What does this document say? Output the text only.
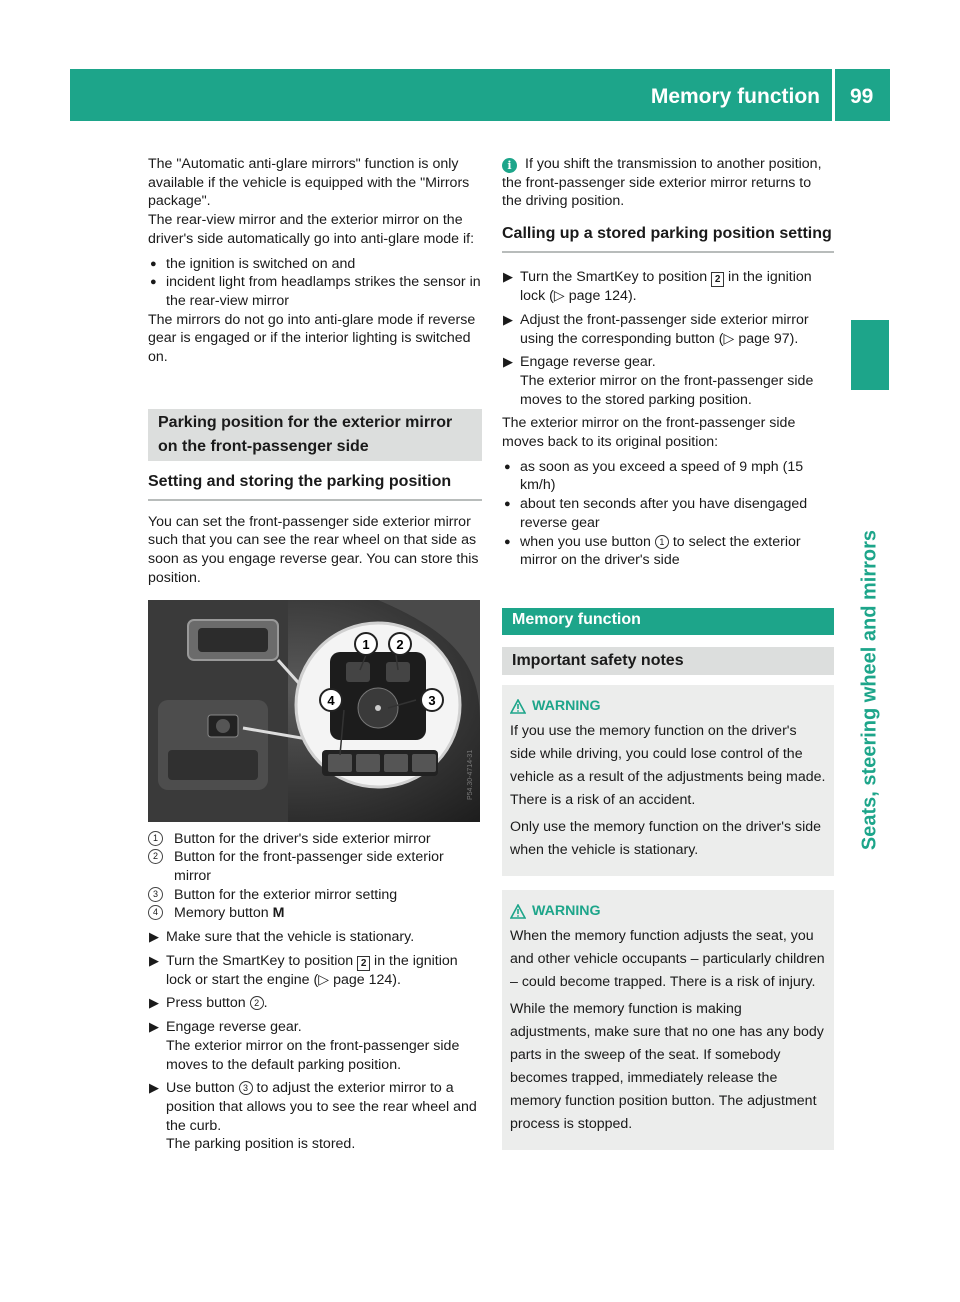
Memory function 99
Seats, steering wheel and mirrors

The "Automatic anti-glare mirrors" function is only available if the vehicle is equipped with the "Mirrors package".

The rear-view mirror and the exterior mirror on the driver's side automatically go into anti-glare mode if:

● the ignition is switched on and
● incident light from headlamps strikes the sensor in the rear-view mirror

The mirrors do not go into anti-glare mode if reverse gear is engaged or if the interior lighting is switched on.

Parking position for the exterior mirror on the front-passenger side
Setting and storing the parking position

You can set the front-passenger side exterior mirror such that you can see the rear wheel on that side as soon as you engage reverse gear. You can store this position.

1 2
3
4
P54.30-4714-31
1	Button for the driver's side exterior mirror
2	Button for the front-passenger side exterior mirror
3	Button for the exterior mirror setting
4	Memory button M
▶ Make sure that the vehicle is stationary.
▶ Turn the SmartKey to position 2 in the ignition lock or start the engine (▷ page 124).
▶ Press button 2 .
▶ Engage reverse gear.
The exterior mirror on the front-passenger side moves to the default parking position.
▶ Use button 3 to adjust the exterior mirror to a position that allows you to see the rear wheel and the curb.
The parking position is stored.

i If you shift the transmission to another position, the front-passenger side exterior mirror returns to the driving position.

Calling up a stored parking position setting
▶ Turn the SmartKey to position 2 in the ignition lock (▷ page 124).
▶ Adjust the front-passenger side exterior mirror using the corresponding button (▷ page 97).
▶ Engage reverse gear.
The exterior mirror on the front-passenger side moves to the stored parking position.

The exterior mirror on the front-passenger side moves back to its original position:

● as soon as you exceed a speed of 9 mph (15 km/h)
● about ten seconds after you have disengaged reverse gear
● when you use button 1 to select the exterior mirror on the driver's side
Memory function
Important safety notes
WARNING

If you use the memory function on the driver's side while driving, you could lose control of the vehicle as a result of the adjustments being made. There is a risk of an accident.

Only use the memory function on the driver's side when the vehicle is stationary.

WARNING

When the memory function adjusts the seat, you and other vehicle occupants – particularly children – could become trapped. There is a risk of injury.

While the memory function is making adjustments, make sure that no one has any body parts in the sweep of the seat. If somebody becomes trapped, immediately release the memory function position button. The adjustment process is stopped.
